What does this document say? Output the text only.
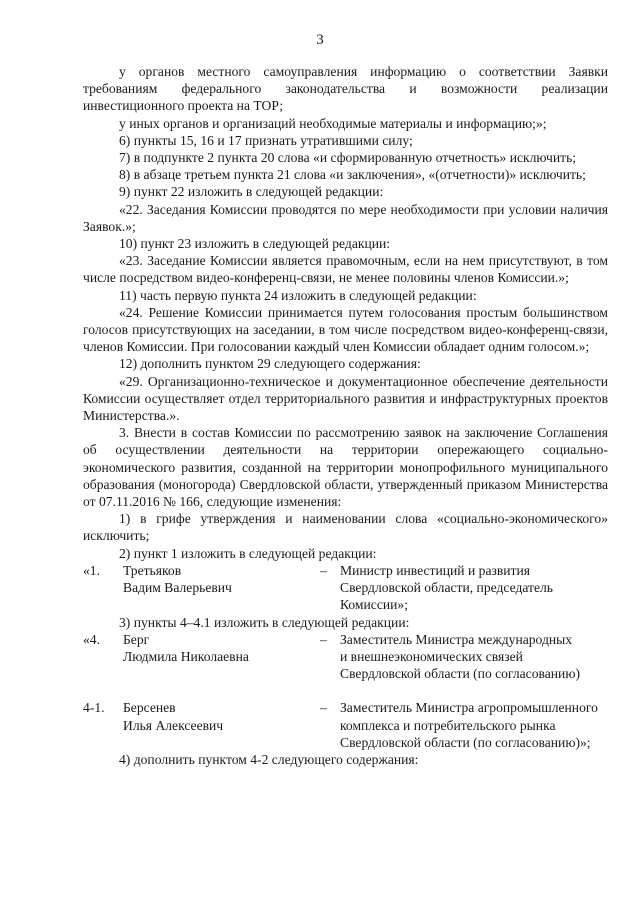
3

у органов местного самоуправления информацию о соответствии Заявки требованиям федерального законодательства и возможности реализации инвестиционного проекта на ТОР;

у иных органов и организаций необходимые материалы и информацию;»;

6) пункты 15, 16 и 17 признать утратившими силу;

7) в подпункте 2 пункта 20 слова «и сформированную отчетность» исключить;

8) в абзаце третьем пункта 21 слова «и заключения», «(отчетности)» исключить;

9) пункт 22 изложить в следующей редакции:

«22. Заседания Комиссии проводятся по мере необходимости при условии наличия Заявок.»;

10) пункт 23 изложить в следующей редакции:

«23. Заседание Комиссии является правомочным, если на нем присутствуют, в том числе посредством видео-конференц-связи, не менее половины членов Комиссии.»;

11) часть первую пункта 24 изложить в следующей редакции:

«24. Решение Комиссии принимается путем голосования простым большинством голосов присутствующих на заседании, в том числе посредством видео-конференц-связи, членов Комиссии. При голосовании каждый член Комиссии обладает одним голосом.»;

12) дополнить пунктом 29 следующего содержания:

«29. Организационно-техническое и документационное обеспечение деятельности Комиссии осуществляет отдел территориального развития и инфраструктурных проектов Министерства.».

3. Внести в состав Комиссии по рассмотрению заявок на заключение Соглашения об осуществлении деятельности на территории опережающего социально-экономического развития, созданной на территории монопрофильного муниципального образования (моногорода) Свердловской области, утвержденный приказом Министерства от 07.11.2016 № 166, следующие изменения:

1) в грифе утверждения и наименовании слова «социально-экономического» исключить;

2) пункт 1 изложить в следующей редакции:

«1.	Третьяков
Вадим Валерьевич
– Министр инвестиций и развития
Свердловской области, председатель
Комиссии»;

3) пункты 4–4.1 изложить в следующей редакции:

«4.	Берг
Людмила Николаевна
– Заместитель Министра международных
и внешнеэкономических связей
Свердловской области (по согласованию)
4-1.	Берсенев
Илья Алексеевич
– Заместитель Министра агропромышленного
комплекса и потребительского рынка
Свердловской области (по согласованию)»;

4) дополнить пунктом 4-2 следующего содержания:
